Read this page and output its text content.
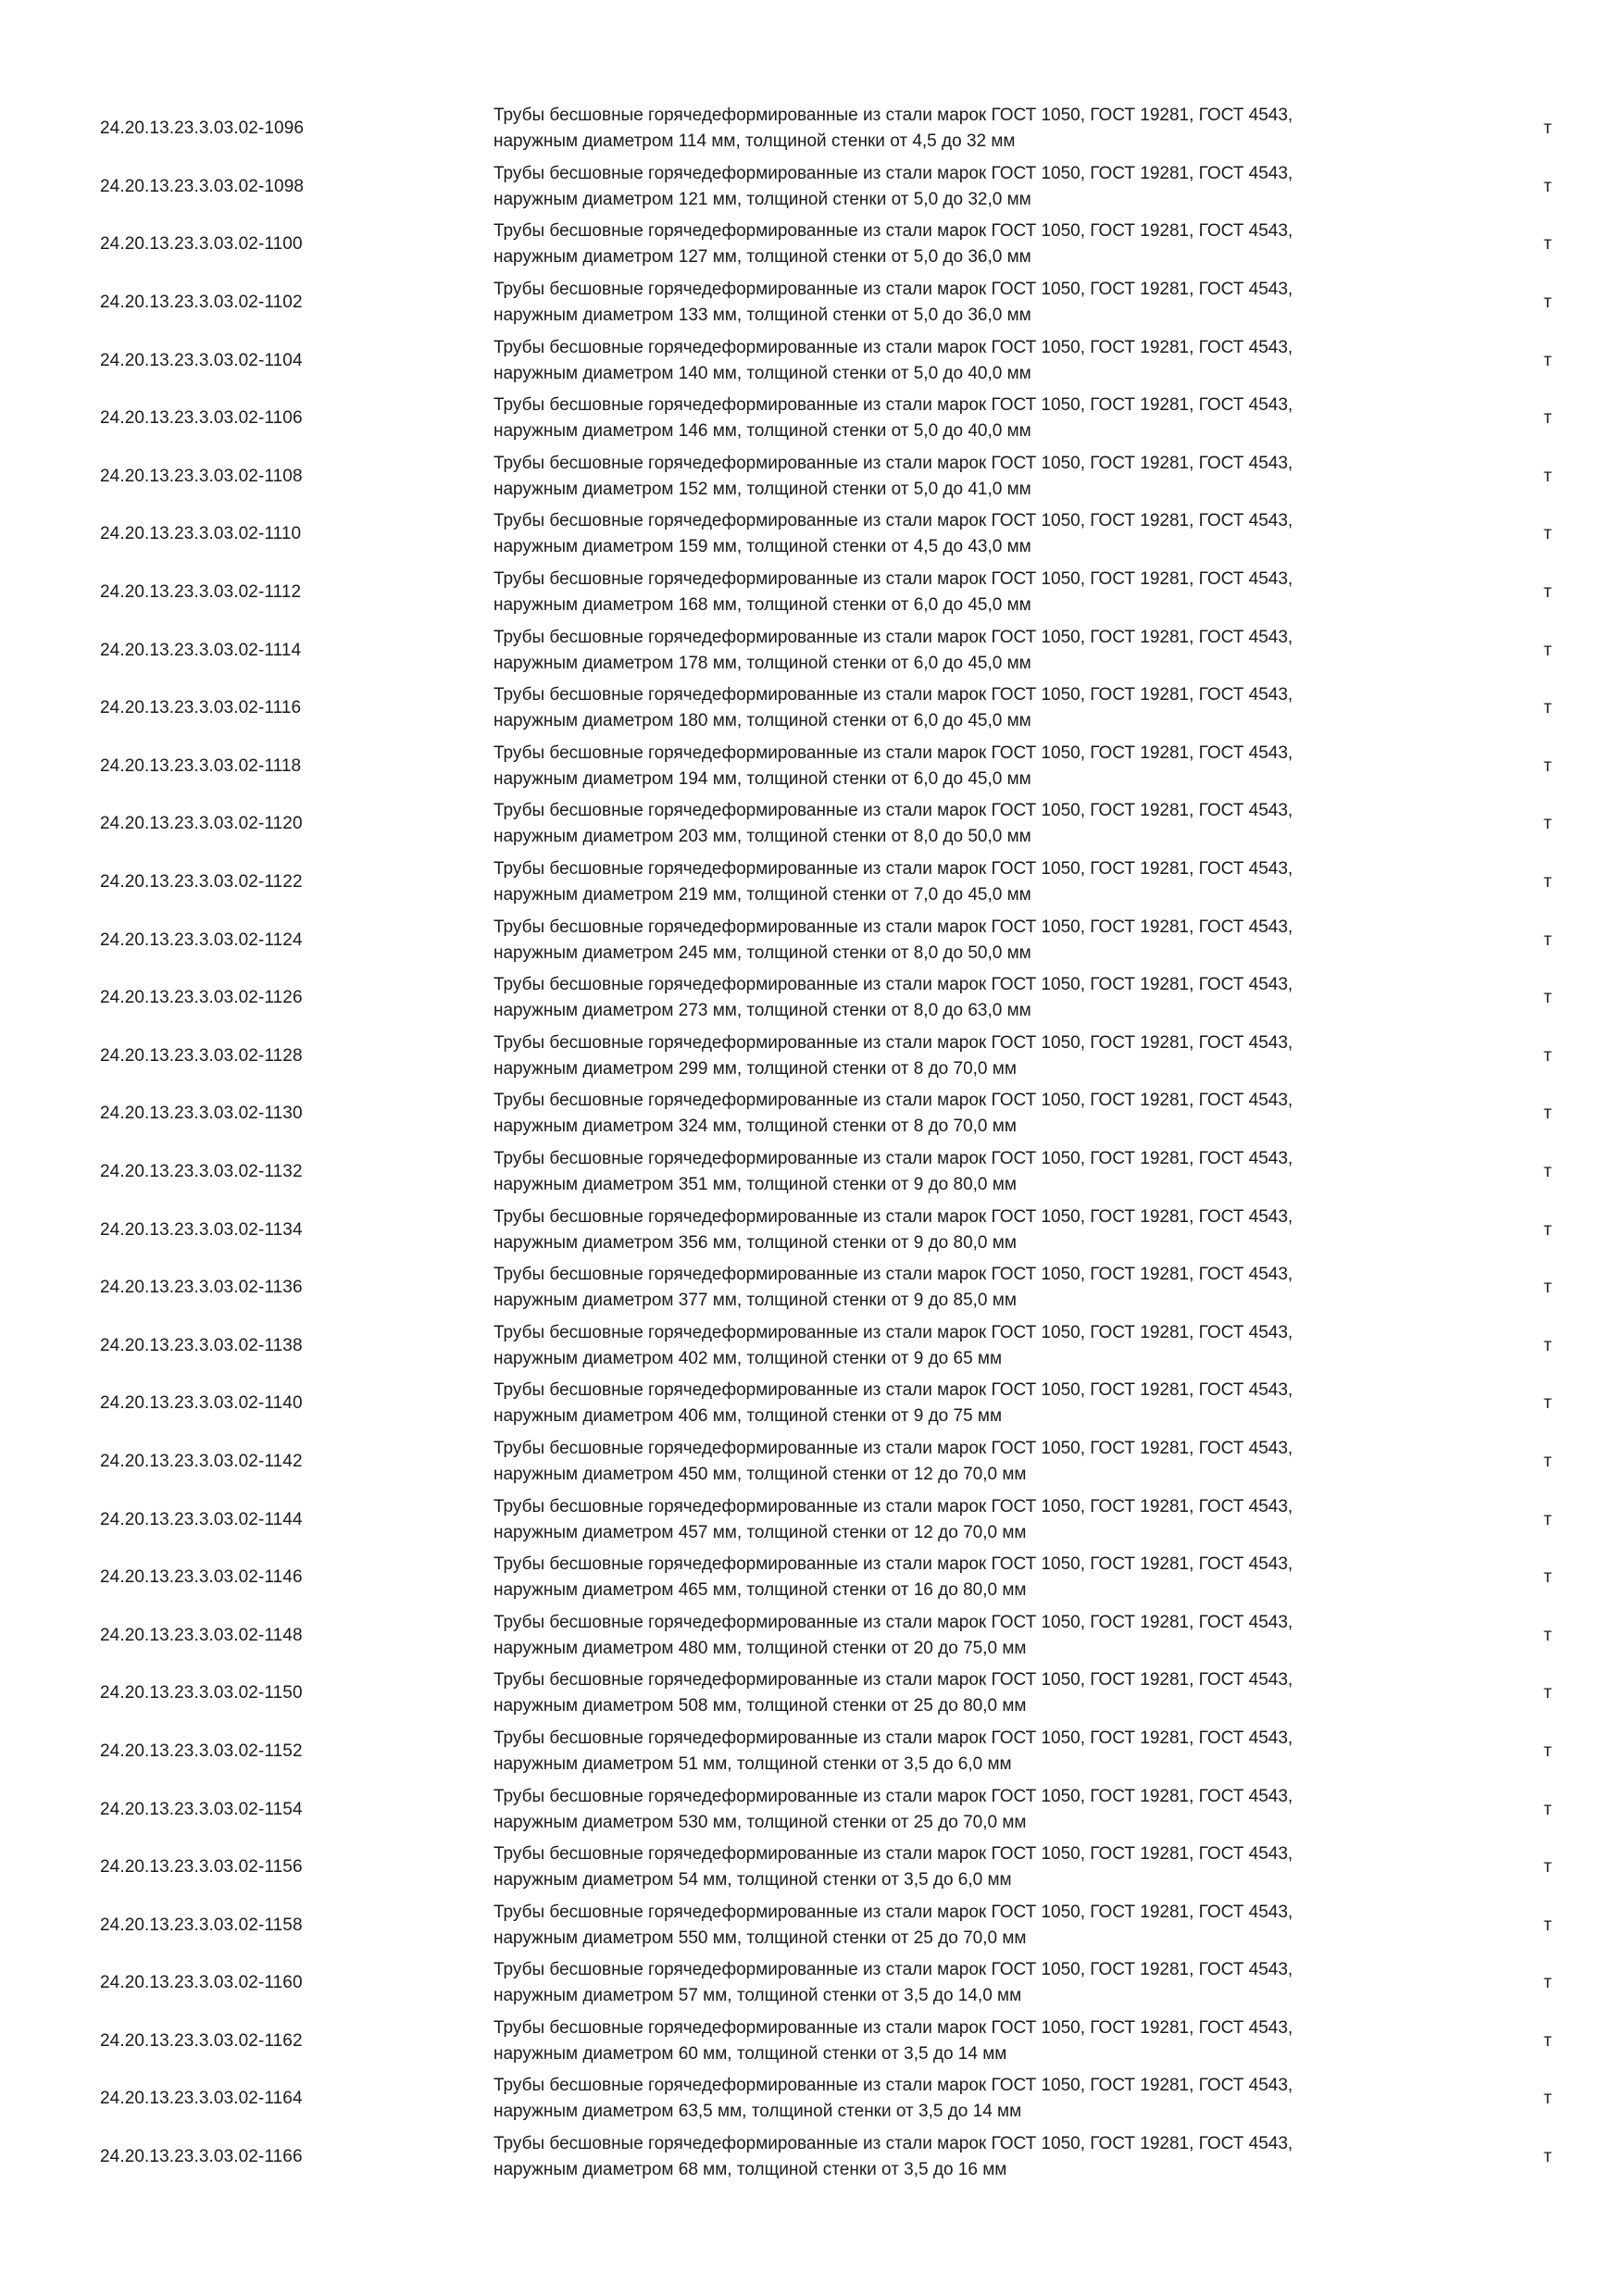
24.20.13.23.3.03.02-1096
Трубы бесшовные горячедеформированные из стали марок ГОСТ 1050, ГОСТ 19281, ГОСТ 4543,
наружным диаметром 114 мм, толщиной стенки от 4,5 до 32 мм
т
24.20.13.23.3.03.02-1098
Трубы бесшовные горячедеформированные из стали марок ГОСТ 1050, ГОСТ 19281, ГОСТ 4543,
наружным диаметром 121 мм, толщиной стенки от 5,0 до 32,0 мм
т
24.20.13.23.3.03.02-1100
Трубы бесшовные горячедеформированные из стали марок ГОСТ 1050, ГОСТ 19281, ГОСТ 4543,
наружным диаметром 127 мм, толщиной стенки от 5,0 до 36,0 мм
т
24.20.13.23.3.03.02-1102
Трубы бесшовные горячедеформированные из стали марок ГОСТ 1050, ГОСТ 19281, ГОСТ 4543,
наружным диаметром 133 мм, толщиной стенки от 5,0 до 36,0 мм
т
24.20.13.23.3.03.02-1104
Трубы бесшовные горячедеформированные из стали марок ГОСТ 1050, ГОСТ 19281, ГОСТ 4543,
наружным диаметром 140 мм, толщиной стенки от 5,0 до 40,0 мм
т
24.20.13.23.3.03.02-1106
Трубы бесшовные горячедеформированные из стали марок ГОСТ 1050, ГОСТ 19281, ГОСТ 4543,
наружным диаметром 146 мм, толщиной стенки от 5,0 до 40,0 мм
т
24.20.13.23.3.03.02-1108
Трубы бесшовные горячедеформированные из стали марок ГОСТ 1050, ГОСТ 19281, ГОСТ 4543,
наружным диаметром 152 мм, толщиной стенки от 5,0 до 41,0 мм
т
24.20.13.23.3.03.02-1110
Трубы бесшовные горячедеформированные из стали марок ГОСТ 1050, ГОСТ 19281, ГОСТ 4543,
наружным диаметром 159 мм, толщиной стенки от 4,5 до 43,0 мм
т
24.20.13.23.3.03.02-1112
Трубы бесшовные горячедеформированные из стали марок ГОСТ 1050, ГОСТ 19281, ГОСТ 4543,
наружным диаметром 168 мм, толщиной стенки от 6,0 до 45,0 мм
т
24.20.13.23.3.03.02-1114
Трубы бесшовные горячедеформированные из стали марок ГОСТ 1050, ГОСТ 19281, ГОСТ 4543,
наружным диаметром 178 мм, толщиной стенки от 6,0 до 45,0 мм
т
24.20.13.23.3.03.02-1116
Трубы бесшовные горячедеформированные из стали марок ГОСТ 1050, ГОСТ 19281, ГОСТ 4543,
наружным диаметром 180 мм, толщиной стенки от 6,0 до 45,0 мм
т
24.20.13.23.3.03.02-1118
Трубы бесшовные горячедеформированные из стали марок ГОСТ 1050, ГОСТ 19281, ГОСТ 4543,
наружным диаметром 194 мм, толщиной стенки от 6,0 до 45,0 мм
т
24.20.13.23.3.03.02-1120
Трубы бесшовные горячедеформированные из стали марок ГОСТ 1050, ГОСТ 19281, ГОСТ 4543,
наружным диаметром 203 мм, толщиной стенки от 8,0 до 50,0 мм
т
24.20.13.23.3.03.02-1122
Трубы бесшовные горячедеформированные из стали марок ГОСТ 1050, ГОСТ 19281, ГОСТ 4543,
наружным диаметром 219 мм, толщиной стенки от 7,0 до 45,0 мм
т
24.20.13.23.3.03.02-1124
Трубы бесшовные горячедеформированные из стали марок ГОСТ 1050, ГОСТ 19281, ГОСТ 4543,
наружным диаметром 245 мм, толщиной стенки от 8,0 до 50,0 мм
т
24.20.13.23.3.03.02-1126
Трубы бесшовные горячедеформированные из стали марок ГОСТ 1050, ГОСТ 19281, ГОСТ 4543,
наружным диаметром 273 мм, толщиной стенки от 8,0 до 63,0 мм
т
24.20.13.23.3.03.02-1128
Трубы бесшовные горячедеформированные из стали марок ГОСТ 1050, ГОСТ 19281, ГОСТ 4543,
наружным диаметром 299 мм, толщиной стенки от 8 до 70,0 мм
т
24.20.13.23.3.03.02-1130
Трубы бесшовные горячедеформированные из стали марок ГОСТ 1050, ГОСТ 19281, ГОСТ 4543,
наружным диаметром 324 мм, толщиной стенки от 8 до 70,0 мм
т
24.20.13.23.3.03.02-1132
Трубы бесшовные горячедеформированные из стали марок ГОСТ 1050, ГОСТ 19281, ГОСТ 4543,
наружным диаметром 351 мм, толщиной стенки от 9 до 80,0 мм
т
24.20.13.23.3.03.02-1134
Трубы бесшовные горячедеформированные из стали марок ГОСТ 1050, ГОСТ 19281, ГОСТ 4543,
наружным диаметром 356 мм, толщиной стенки от 9 до 80,0 мм
т
24.20.13.23.3.03.02-1136
Трубы бесшовные горячедеформированные из стали марок ГОСТ 1050, ГОСТ 19281, ГОСТ 4543,
наружным диаметром 377 мм, толщиной стенки от 9 до 85,0 мм
т
24.20.13.23.3.03.02-1138
Трубы бесшовные горячедеформированные из стали марок ГОСТ 1050, ГОСТ 19281, ГОСТ 4543,
наружным диаметром 402 мм, толщиной стенки от 9 до 65 мм
т
24.20.13.23.3.03.02-1140
Трубы бесшовные горячедеформированные из стали марок ГОСТ 1050, ГОСТ 19281, ГОСТ 4543,
наружным диаметром 406 мм, толщиной стенки от 9 до 75 мм
т
24.20.13.23.3.03.02-1142
Трубы бесшовные горячедеформированные из стали марок ГОСТ 1050, ГОСТ 19281, ГОСТ 4543,
наружным диаметром 450 мм, толщиной стенки от 12 до 70,0 мм
т
24.20.13.23.3.03.02-1144
Трубы бесшовные горячедеформированные из стали марок ГОСТ 1050, ГОСТ 19281, ГОСТ 4543,
наружным диаметром 457 мм, толщиной стенки от 12 до 70,0 мм
т
24.20.13.23.3.03.02-1146
Трубы бесшовные горячедеформированные из стали марок ГОСТ 1050, ГОСТ 19281, ГОСТ 4543,
наружным диаметром 465 мм, толщиной стенки от 16 до 80,0 мм
т
24.20.13.23.3.03.02-1148
Трубы бесшовные горячедеформированные из стали марок ГОСТ 1050, ГОСТ 19281, ГОСТ 4543,
наружным диаметром 480 мм, толщиной стенки от 20 до 75,0 мм
т
24.20.13.23.3.03.02-1150
Трубы бесшовные горячедеформированные из стали марок ГОСТ 1050, ГОСТ 19281, ГОСТ 4543,
наружным диаметром 508 мм, толщиной стенки от 25 до 80,0 мм
т
24.20.13.23.3.03.02-1152
Трубы бесшовные горячедеформированные из стали марок ГОСТ 1050, ГОСТ 19281, ГОСТ 4543,
наружным диаметром 51 мм, толщиной стенки от 3,5 до 6,0 мм
т
24.20.13.23.3.03.02-1154
Трубы бесшовные горячедеформированные из стали марок ГОСТ 1050, ГОСТ 19281, ГОСТ 4543,
наружным диаметром 530 мм, толщиной стенки от 25 до 70,0 мм
т
24.20.13.23.3.03.02-1156
Трубы бесшовные горячедеформированные из стали марок ГОСТ 1050, ГОСТ 19281, ГОСТ 4543,
наружным диаметром 54 мм, толщиной стенки от 3,5 до 6,0 мм
т
24.20.13.23.3.03.02-1158
Трубы бесшовные горячедеформированные из стали марок ГОСТ 1050, ГОСТ 19281, ГОСТ 4543,
наружным диаметром 550 мм, толщиной стенки от 25 до 70,0 мм
т
24.20.13.23.3.03.02-1160
Трубы бесшовные горячедеформированные из стали марок ГОСТ 1050, ГОСТ 19281, ГОСТ 4543,
наружным диаметром 57 мм, толщиной стенки от 3,5 до 14,0 мм
т
24.20.13.23.3.03.02-1162
Трубы бесшовные горячедеформированные из стали марок ГОСТ 1050, ГОСТ 19281, ГОСТ 4543,
наружным диаметром 60 мм, толщиной стенки от 3,5 до 14 мм
т
24.20.13.23.3.03.02-1164
Трубы бесшовные горячедеформированные из стали марок ГОСТ 1050, ГОСТ 19281, ГОСТ 4543,
наружным диаметром 63,5 мм, толщиной стенки от 3,5 до 14 мм
т
24.20.13.23.3.03.02-1166
Трубы бесшовные горячедеформированные из стали марок ГОСТ 1050, ГОСТ 19281, ГОСТ 4543,
наружным диаметром 68 мм, толщиной стенки от 3,5 до 16 мм
т
